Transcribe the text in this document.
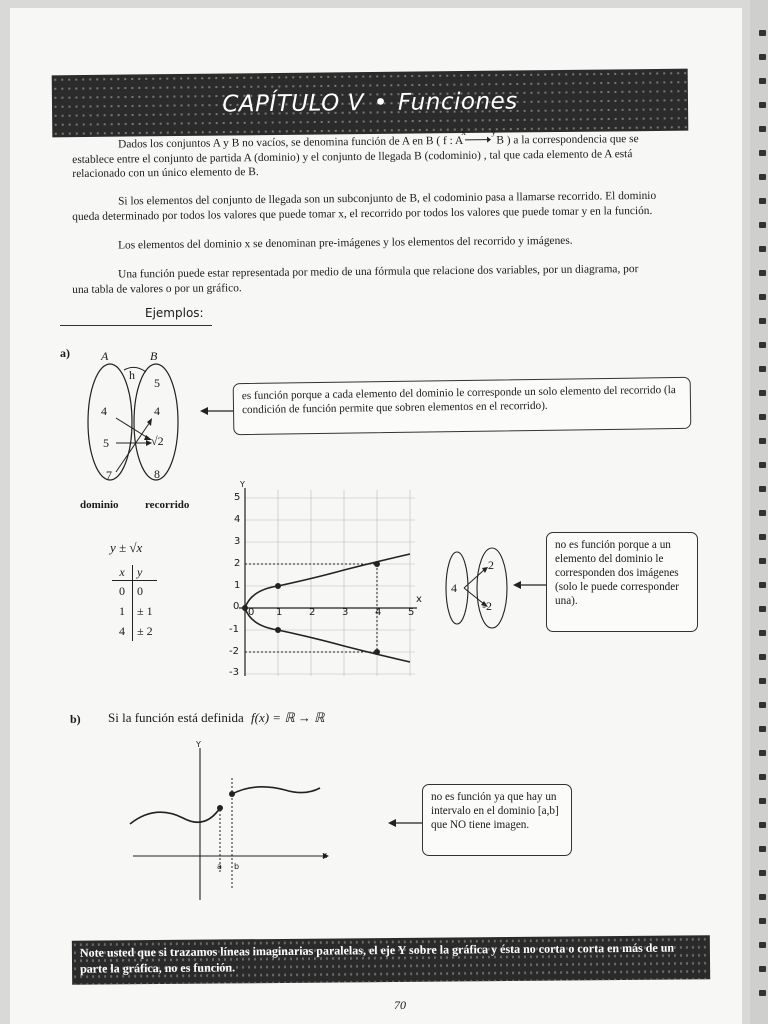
CAPÍTULO V • Funciones

Dados los conjuntos A y B no vacíos, se denomina función de A en B ( f : A
x	y
B ) a la correspondencia que se establece entre el conjunto de partida A (dominio) y el conjunto de llegada B (codominio) , tal que cada elemento de A está relacionado con un único elemento de B.

Si los elementos del conjunto de llegada son un subconjunto de B, el codominio pasa a llamarse recorrido. El dominio queda determinado por todos los valores que puede tomar x, el recorrido por todos los valores que puede tomar y en la función.

Los elementos del dominio x se denominan pre-imágenes y los elementos del recorrido y imágenes.

Una función puede estar representada por medio de una fórmula que relacione dos variables, por un diagrama, por una tabla de valores o por un gráfico.

Ejemplos:
a)	A	B
h
4
5
7
5
4
√2
8
dominio recorrido
es función porque a cada elemento del dominio le corresponde un solo elemento del recorrido (la condición de función permite que sobren elementos en el recorrido).
y ± √x
x	y
0	0
1	± 1
4	± 2
Y
x
5
4
3
2
1
0
-1
-2
-3
0 1	2	3	4	5
4
2
-2
no es función porque a un elemento del dominio le corresponden dos imágenes (solo le puede corresponder una).
b) Si la función está definida f(x) = ℝ → ℝ
Y
x
a b
no es función ya que hay un intervalo en el dominio [a,b] que NO tiene imagen.
Note usted que si trazamos líneas imaginarias paralelas, el eje Y sobre la gráfica y ésta no corta o corta en más de un parte la gráfica, no es función.
70
